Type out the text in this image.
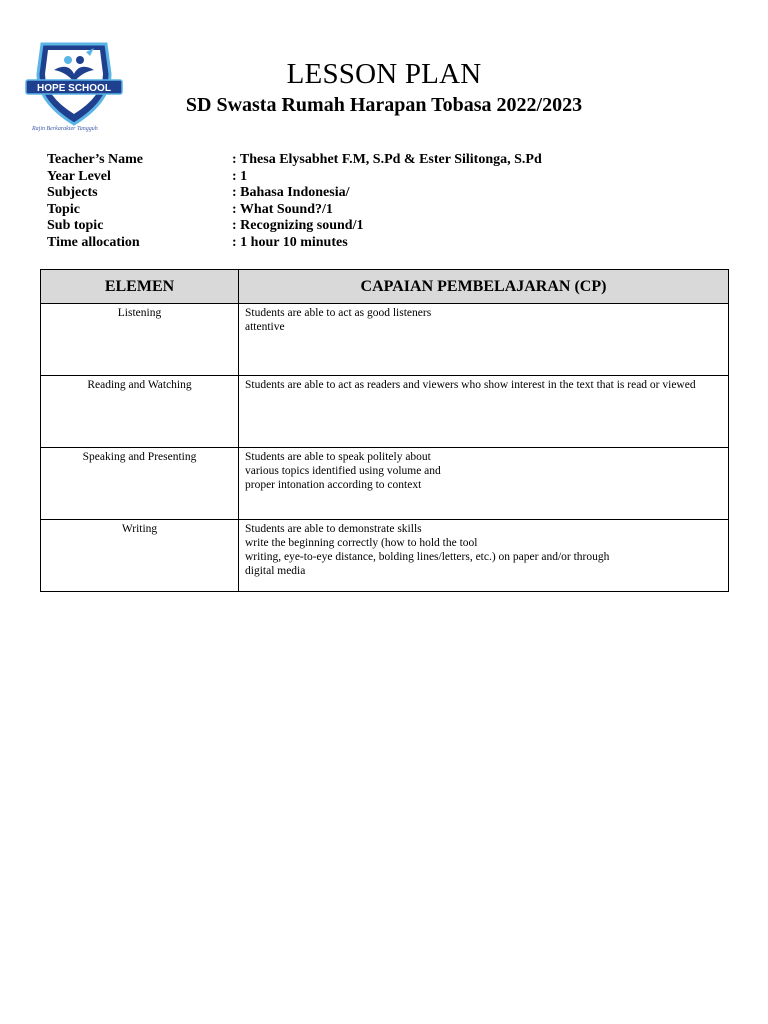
HOPE SCHOOL
Rajin Berkarakter Tangguh
LESSON PLAN
SD Swasta Rumah Harapan Tobasa 2022/2023
Teacher’s Name	: Thesa Elysabhet F.M, S.Pd & Ester Silitonga, S.Pd
Year Level	: 1
Subjects	: Bahasa Indonesia/
Topic	: What Sound?/1
Sub topic	: Recognizing sound/1
Time allocation	: 1 hour 10 minutes
ELEMEN	CAPAIAN PEMBELAJARAN (CP)
Listening	Students are able to act as good listeners
attentive

Reading and Watching	Students are able to act as readers and viewers who show interest in the text that is read or viewed

Speaking and Presenting	Students are able to speak politely about
various topics identified using volume and
proper intonation according to context

Writing	Students are able to demonstrate skills
write the beginning correctly (how to hold the tool
writing, eye-to-eye distance, bolding lines/letters, etc.) on paper and/or through
digital media
